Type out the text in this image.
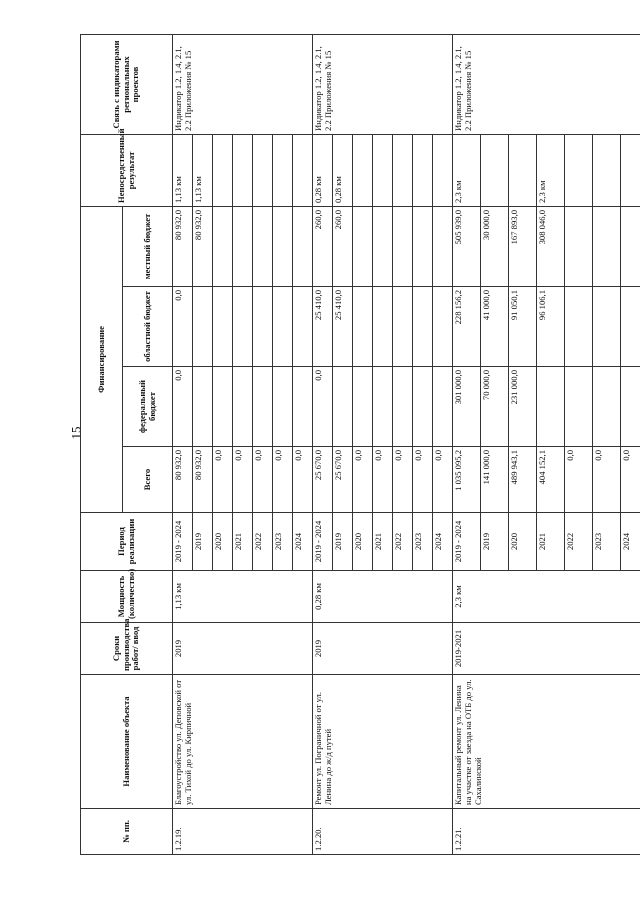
15
№ пп.	Наименование объекта	Сроки производства работ/ ввод	Мощность (количество)	Период реализации	Финансирование				Непосредственный результат	Связь с индикаторами региональных проектов
					Всего	федеральный бюджет	областной бюджет	местный бюджет		
1.2.19.	Благоустройство ул. Деповской от ул. Тихой до ул. Кирпичной	2019	1,13 км	2019 - 2024	80 932,0	0,0	0,0	80 932,0	1,13 км	Индикатор 1.2, 1.4, 2.1, 2.2 Приложения № 15
				2019	80 932,0			80 932,0	1,13 км	
				2020	0,0					
				2021	0,0					
				2022	0,0					
				2023	0,0					
				2024	0,0					
1.2.20.	Ремонт ул. Пограничной от ул. Ленина до ж/д путей	2019	0,28 км	2019 - 2024	25 670,0	0,0	25 410,0	260,0	0,28 км	Индикатор 1.2, 1.4, 2.1, 2.2 Приложения № 15
				2019	25 670,0		25 410,0	260,0	0,28 км	
				2020	0,0					
				2021	0,0					
				2022	0,0					
				2023	0,0					
				2024	0,0					
1.2.21.	Капитальный ремонт ул. Ленина на участке от заезда на ОТБ до ул. Сахалинской	2019-2021	2,3 км	2019 - 2024	1 035 095,2	301 000,0	228 156,2	505 939,0	2,3 км	Индикатор 1.2, 1.4, 2.1, 2.2 Приложения № 15
				2019	141 000,0	70 000,0	41 000,0	30 000,0		
				2020	489 943,1	231 000,0	91 050,1	167 893,0		
				2021	404 152,1		96 106,1	308 046,0	2,3 км	
				2022	0,0					
				2023	0,0					
				2024	0,0					
